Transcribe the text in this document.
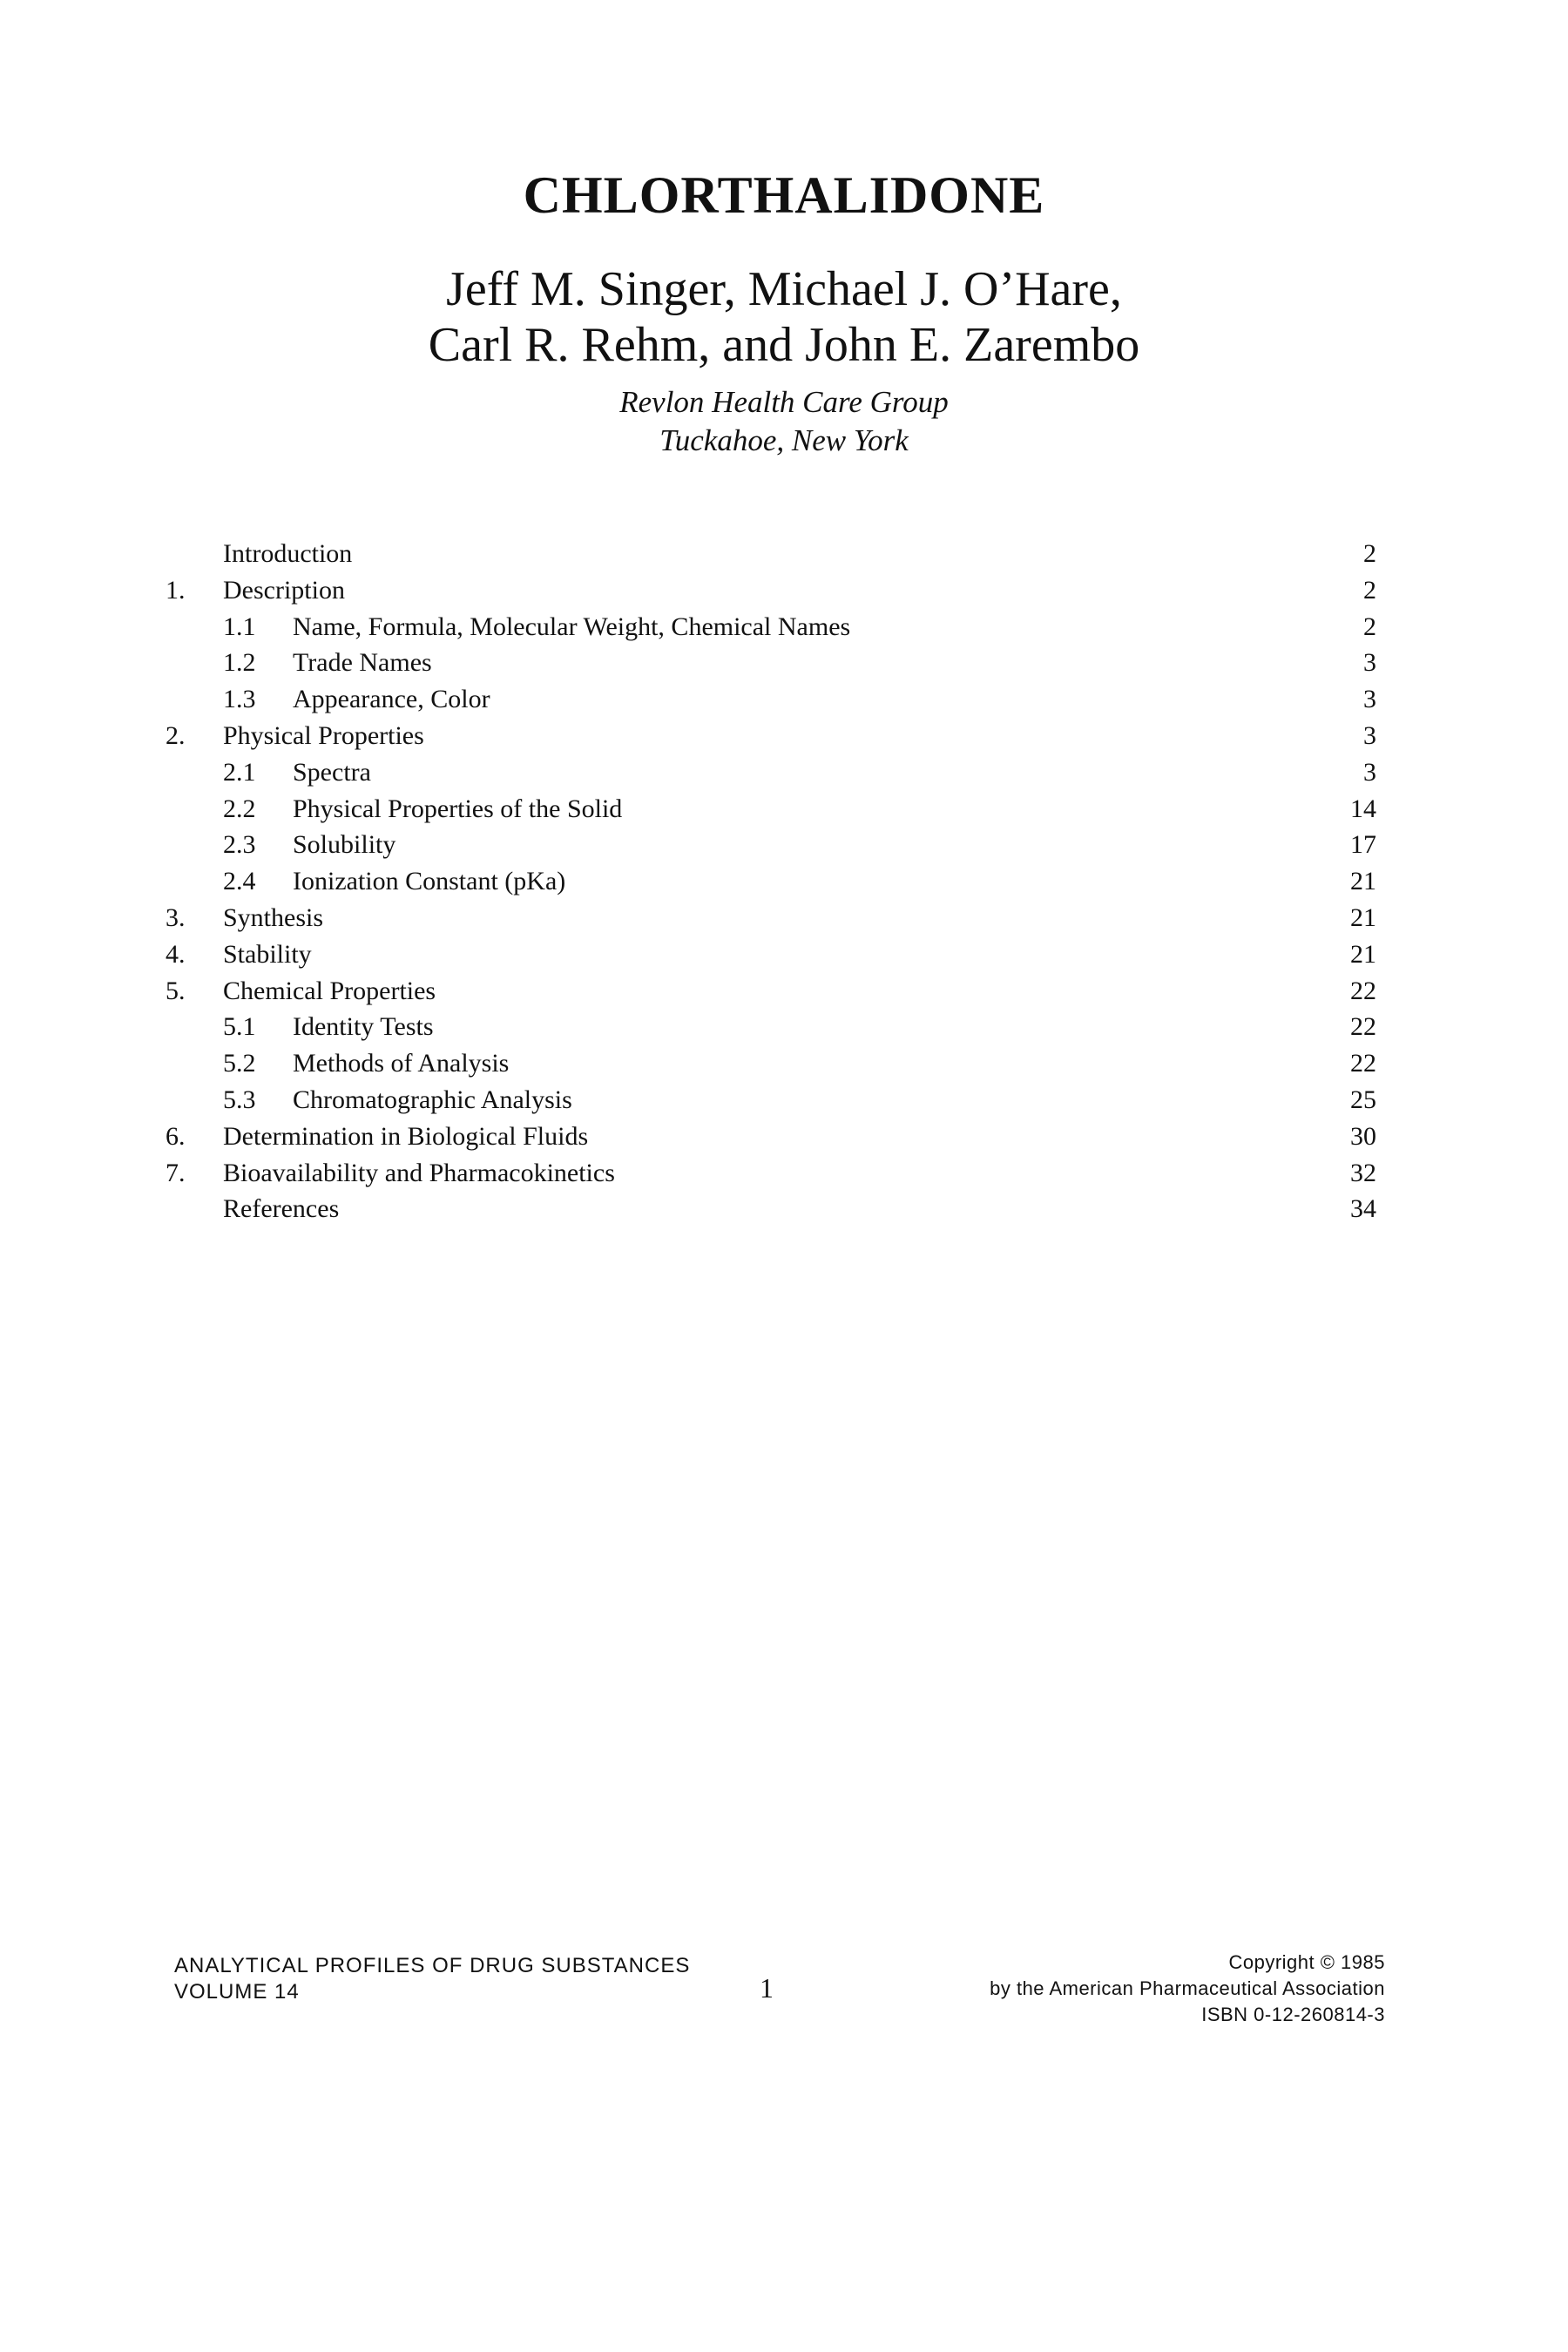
CHLORTHALIDONE
Jeff M. Singer, Michael J. O’Hare,
Carl R. Rehm, and John E. Zarembo
Revlon Health Care Group
Tuckahoe, New York
Introduction	2
1. Description	2
1.1 Name, Formula, Molecular Weight, Chemical Names	2
1.2 Trade Names	3
1.3 Appearance, Color	3
2. Physical Properties	3
2.1 Spectra	3
2.2 Physical Properties of the Solid	14
2.3 Solubility	17
2.4 Ionization Constant (pKa)	21
3. Synthesis	21
4. Stability	21
5. Chemical Properties	22
5.1 Identity Tests	22
5.2 Methods of Analysis	22
5.3 Chromatographic Analysis	25
6. Determination in Biological Fluids	30
7. Bioavailability and Pharmacokinetics	32
References	34
ANALYTICAL PROFILES OF DRUG SUBSTANCES
VOLUME 14	1
Copyright © 1985
by the American Pharmaceutical Association
ISBN 0-12-260814-3
